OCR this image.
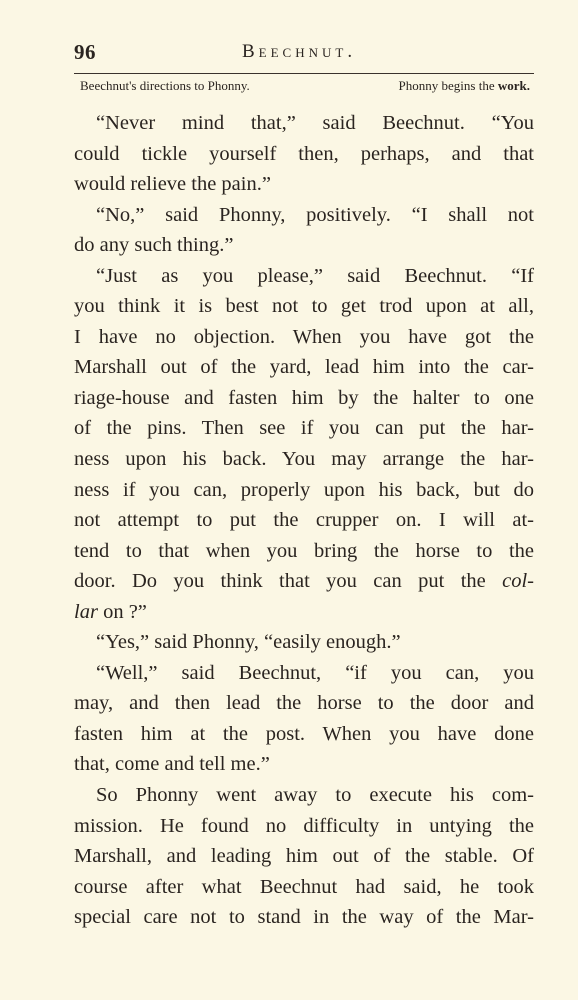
96	Beechnut.
Beechnut's directions to Phonny.	Phonny begins the work.
“Never mind that,” said Beechnut. “You
could tickle yourself then, perhaps, and that
would relieve the pain.”
“No,” said Phonny, positively. “I shall not
do any such thing.”
“Just as you please,” said Beechnut. “If
you think it is best not to get trod upon at all,
I have no objection. When you have got the
Marshall out of the yard, lead him into the car-
riage-house and fasten him by the halter to one
of the pins. Then see if you can put the har-
ness upon his back. You may arrange the har-
ness if you can, properly upon his back, but do
not attempt to put the crupper on. I will at-
tend to that when you bring the horse to the
door. Do you think that you can put the col-
lar on ?”
“Yes,” said Phonny, “easily enough.”
“Well,” said Beechnut, “if you can, you
may, and then lead the horse to the door and
fasten him at the post. When you have done
that, come and tell me.”
So Phonny went away to execute his com-
mission. He found no difficulty in untying the
Marshall, and leading him out of the stable. Of
course after what Beechnut had said, he took
special care not to stand in the way of the Mar-
